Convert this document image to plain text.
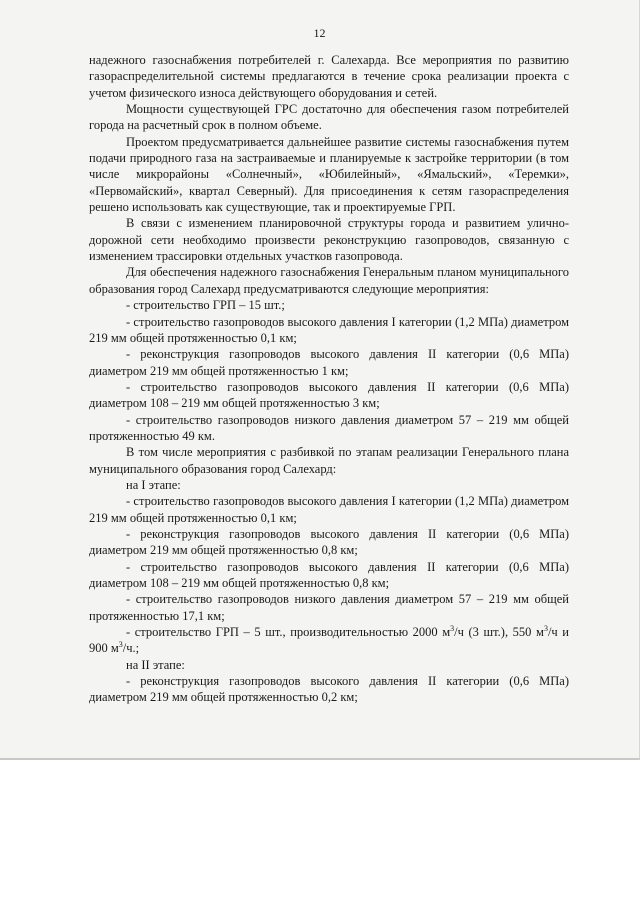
12

надежного газоснабжения потребителей г. Салехарда. Все мероприятия по развитию газораспределительной системы предлагаются в течение срока реализации проекта с учетом физического износа действующего оборудования и сетей.

Мощности существующей ГРС достаточно для обеспечения газом потребителей города на расчетный срок в полном объеме.

Проектом предусматривается дальнейшее развитие системы газоснабжения путем подачи природного газа на застраиваемые и планируемые к застройке территории (в том числе микрорайоны «Солнечный», «Юбилейный», «Ямальский», «Теремки», «Первомайский», квартал Северный). Для присоединения к сетям газораспределения решено использовать как существующие, так и проектируемые ГРП.

В связи с изменением планировочной структуры города и развитием улично-дорожной сети необходимо произвести реконструкцию газопроводов, связанную с изменением трассировки отдельных участков газопровода.

Для обеспечения надежного газоснабжения Генеральным планом муниципального образования город Салехард предусматриваются следующие мероприятия:

- строительство ГРП – 15 шт.;

- строительство газопроводов высокого давления I категории (1,2 МПа) диаметром 219 мм общей протяженностью 0,1 км;

- реконструкция газопроводов высокого давления II категории (0,6 МПа) диаметром 219 мм общей протяженностью 1 км;

- строительство газопроводов высокого давления II категории (0,6 МПа) диаметром 108 – 219 мм общей протяженностью 3 км;

- строительство газопроводов низкого давления диаметром 57 – 219 мм общей протяженностью 49 км.

В том числе мероприятия с разбивкой по этапам реализации Генерального плана муниципального образования город Салехард:

на I этапе:

- строительство газопроводов высокого давления I категории (1,2 МПа) диаметром 219 мм общей протяженностью 0,1 км;

- реконструкция газопроводов высокого давления II категории (0,6 МПа) диаметром 219 мм общей протяженностью 0,8 км;

- строительство газопроводов высокого давления II категории (0,6 МПа) диаметром 108 – 219 мм общей протяженностью 0,8 км;

- строительство газопроводов низкого давления диаметром 57 – 219 мм общей протяженностью 17,1 км;

- строительство ГРП – 5 шт., производительностью 2000 $м^3/ч$ (3 шт.), 550 $м^3/ч$ и 900 $м^3/ч$.;

на II этапе:

- реконструкция газопроводов высокого давления II категории (0,6 МПа) диаметром 219 мм общей протяженностью 0,2 км;
